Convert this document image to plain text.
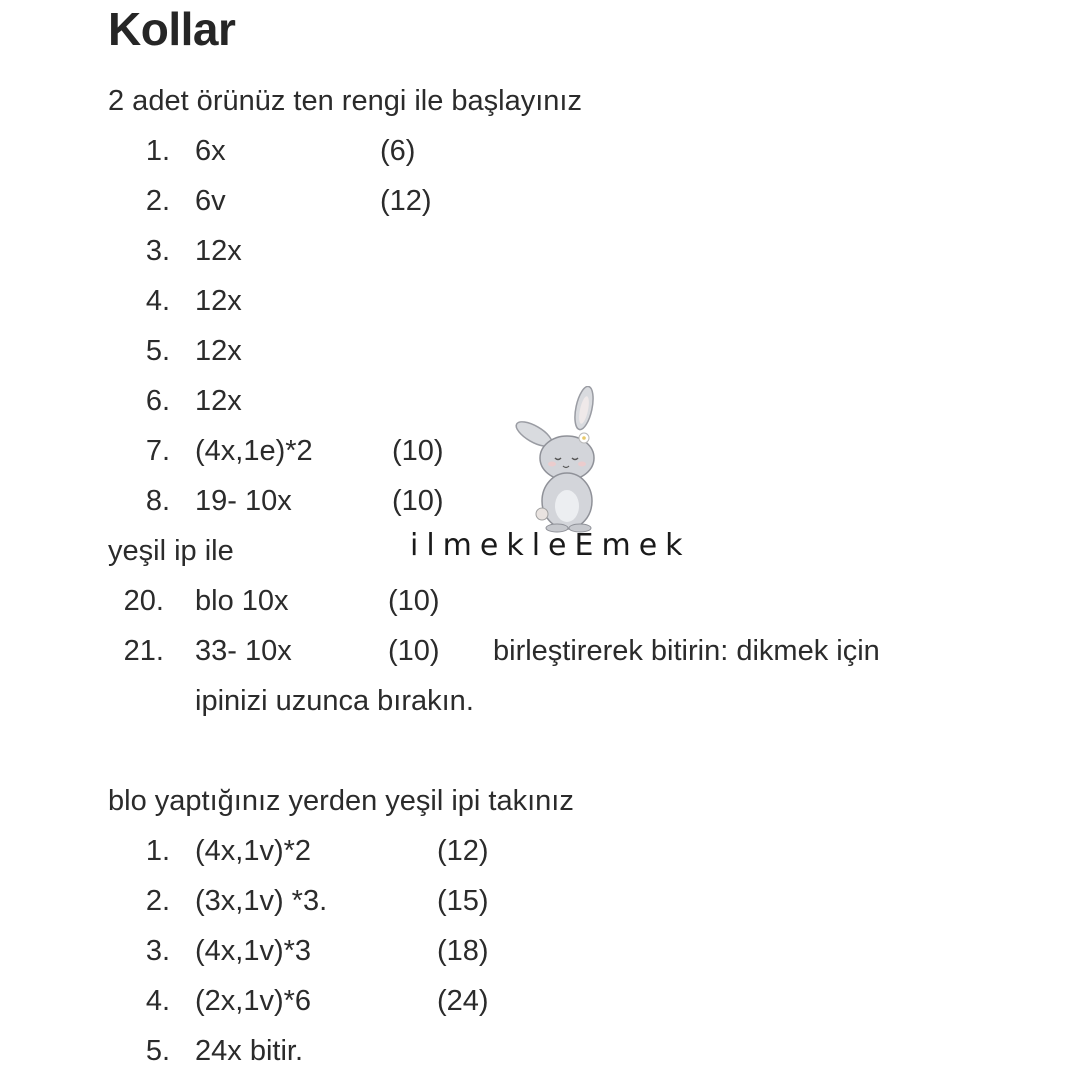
Kollar
2 adet örünüz ten rengi ile başlayınız
1. 6x	(6)
2. 6v	(12)
3. 12x
4. 12x
5. 12x
6. 12x
7. (4x,1e)*2	(10)
8. 19- 10x	(10)
yeşil ip ile
20. blo 10x	(10)
21. 33- 10x	(10) birleştirerek bitirin: dikmek için
ipinizi uzunca bırakın.
blo yaptığınız yerden yeşil ipi takınız
1. (4x,1v)*2	(12)
2. (3x,1v) *3.	(15)
3. (4x,1v)*3	(18)
4. (2x,1v)*6	(24)
5. 24x bitir.
ilmekleEmek
